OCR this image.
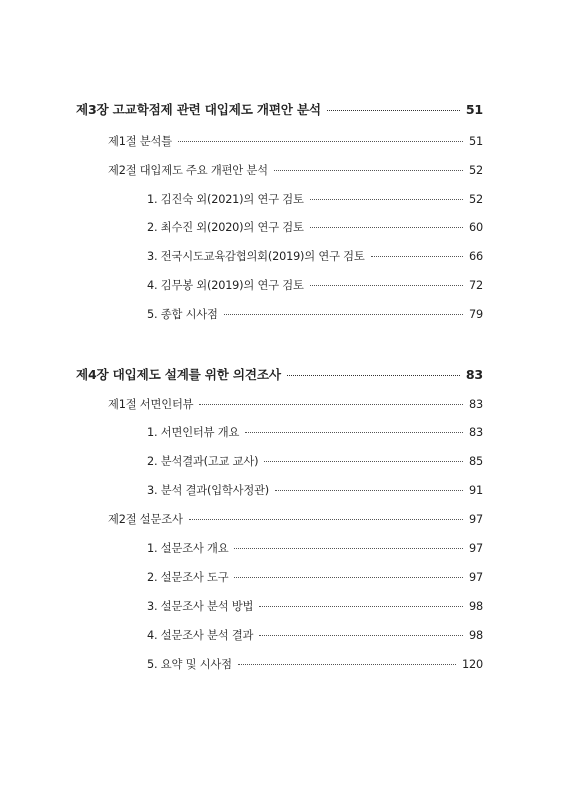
제3장 고교학점제 관련 대입제도 개편안 분석	51
제1절 분석틀	51
제2절 대입제도 주요 개편안 분석	52
1. 김진숙 외(2021)의 연구 검토	52
2. 최수진 외(2020)의 연구 검토	60
3. 전국시도교육감협의회(2019)의 연구 검토	66
4. 김무봉 외(2019)의 연구 검토	72
5. 종합 시사점	79
제4장 대입제도 설계를 위한 의견조사	83
제1절 서면인터뷰	83
1. 서면인터뷰 개요	83
2. 분석결과(고교 교사)	85
3. 분석 결과(입학사정관)	91
제2절 설문조사	97
1. 설문조사 개요	97
2. 설문조사 도구	97
3. 설문조사 분석 방법	98
4. 설문조사 분석 결과	98
5. 요약 및 시사점	120
